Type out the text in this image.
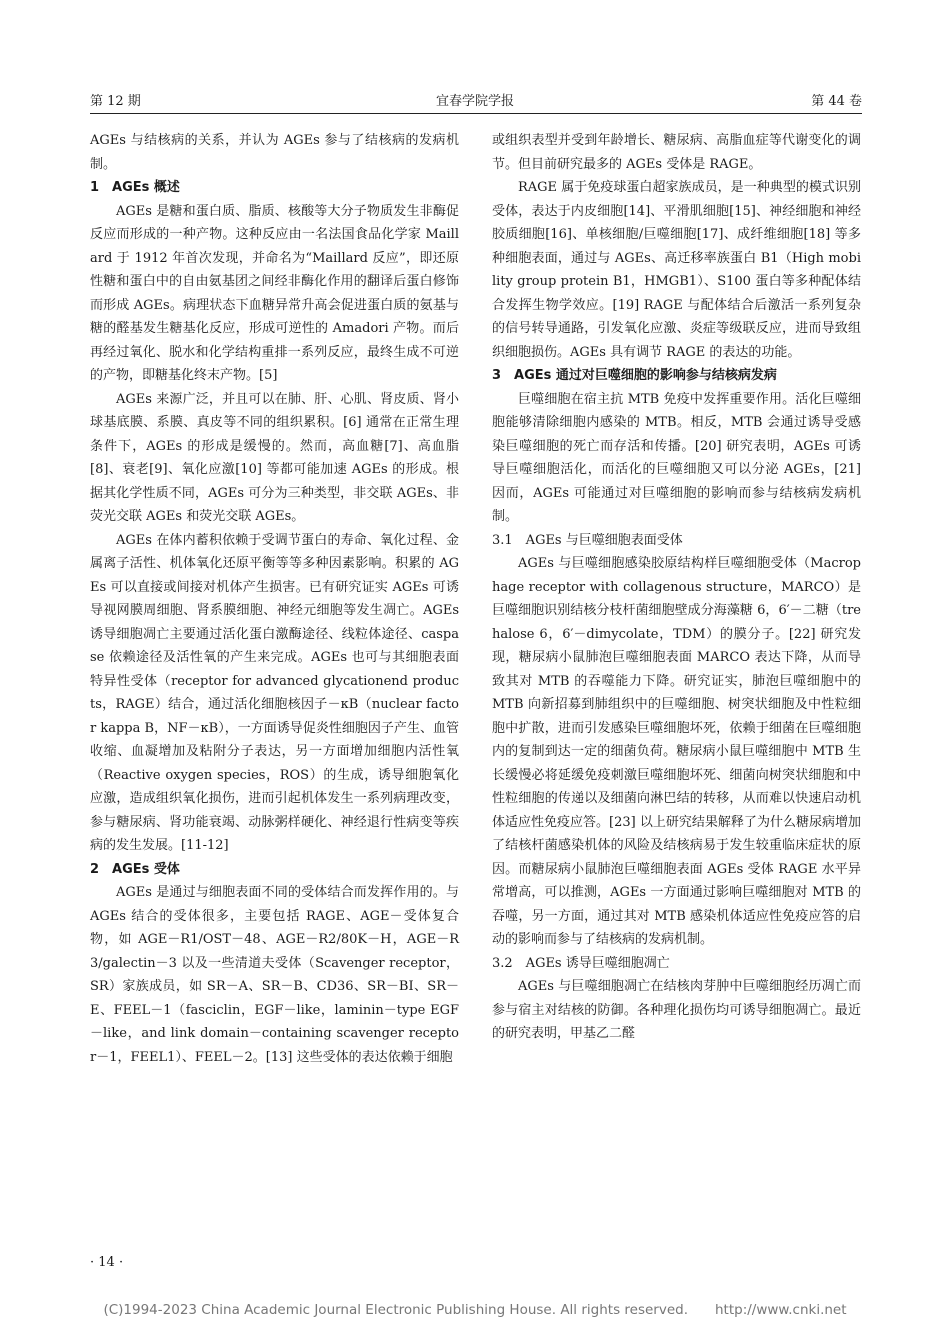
第 12 期	宜春学院学报	第 44 卷

AGEs 与结核病的关系，并认为 AGEs 参与了结核病的发病机制。

1　AGEs 概述

AGEs 是糖和蛋白质、脂质、核酸等大分子物质发生非酶促反应而形成的一种产物。这种反应由一名法国食品化学家 Maillard 于 1912 年首次发现，并命名为“Maillard 反应”，即还原性糖和蛋白中的自由氨基团之间经非酶化作用的翻译后蛋白修饰而形成 AGEs。病理状态下血糖异常升高会促进蛋白质的氨基与糖的醛基发生糖基化反应，形成可逆性的 Amadori 产物。而后再经过氧化、脱水和化学结构重排一系列反应，最终生成不可逆的产物，即糖基化终末产物。[5]

AGEs 来源广泛，并且可以在肺、肝、心肌、肾皮质、肾小球基底膜、系膜、真皮等不同的组织累积。[6] 通常在正常生理条件下，AGEs 的形成是缓慢的。然而，高血糖[7]、高血脂[8]、衰老[9]、氧化应激[10] 等都可能加速 AGEs 的形成。根据其化学性质不同，AGEs 可分为三种类型，非交联 AGEs、非荧光交联 AGEs 和荧光交联 AGEs。

AGEs 在体内蓄积依赖于受调节蛋白的寿命、氧化过程、金属离子活性、机体氧化还原平衡等等多种因素影响。积累的 AGEs 可以直接或间接对机体产生损害。已有研究证实 AGEs 可诱导视网膜周细胞、肾系膜细胞、神经元细胞等发生凋亡。AGEs 诱导细胞凋亡主要通过活化蛋白激酶途径、线粒体途径、caspase 依赖途径及活性氧的产生来完成。AGEs 也可与其细胞表面特异性受体（receptor for advanced glycationend products，RAGE）结合，通过活化细胞核因子－κB（nuclear factor kappa B，NF－κB），一方面诱导促炎性细胞因子产生、血管收缩、血凝增加及粘附分子表达，另一方面增加细胞内活性氧（Reactive oxygen species，ROS）的生成，诱导细胞氧化应激，造成组织氧化损伤，进而引起机体发生一系列病理改变，参与糖尿病、肾功能衰竭、动脉粥样硬化、神经退行性病变等疾病的发生发展。[11-12]

2　AGEs 受体

AGEs 是通过与细胞表面不同的受体结合而发挥作用的。与 AGEs 结合的受体很多，主要包括 RAGE、AGE－受体复合物，如 AGE－R1/OST－48、AGE－R2/80K－H，AGE－R3/galectin－3 以及一些清道夫受体（Scavenger receptor，SR）家族成员，如 SR－A、SR－B、CD36、SR－BI、SR－E、FEEL－1（fasciclin，EGF－like，laminin－type EGF－like，and link domain－containing scavenger receptor－1，FEEL1）、FEEL－2。[13] 这些受体的表达依赖于细胞

或组织表型并受到年龄增长、糖尿病、高脂血症等代谢变化的调节。但目前研究最多的 AGEs 受体是 RAGE。

RAGE 属于免疫球蛋白超家族成员，是一种典型的模式识别受体，表达于内皮细胞[14]、平滑肌细胞[15]、神经细胞和神经胶质细胞[16]、单核细胞/巨噬细胞[17]、成纤维细胞[18] 等多种细胞表面，通过与 AGEs、高迁移率族蛋白 B1（High mobility group protein B1，HMGB1）、S100 蛋白等多种配体结合发挥生物学效应。[19] RAGE 与配体结合后激活一系列复杂的信号转导通路，引发氧化应激、炎症等级联反应，进而导致组织细胞损伤。AGEs 具有调节 RAGE 的表达的功能。

3　AGEs 通过对巨噬细胞的影响参与结核病发病

巨噬细胞在宿主抗 MTB 免疫中发挥重要作用。活化巨噬细胞能够清除细胞内感染的 MTB。相反，MTB 会通过诱导受感染巨噬细胞的死亡而存活和传播。[20] 研究表明，AGEs 可诱导巨噬细胞活化，而活化的巨噬细胞又可以分泌 AGEs，[21] 因而，AGEs 可能通过对巨噬细胞的影响而参与结核病发病机制。

3.1　AGEs 与巨噬细胞表面受体

AGEs 与巨噬细胞感染胶原结构样巨噬细胞受体（Macrophage receptor with collagenous structure，MARCO）是巨噬细胞识别结核分枝杆菌细胞壁成分海藻糖 6，6′－二糖（trehalose 6，6′－dimycolate，TDM）的膜分子。[22] 研究发现，糖尿病小鼠肺泡巨噬细胞表面 MARCO 表达下降，从而导致其对 MTB 的吞噬能力下降。研究证实，肺泡巨噬细胞中的 MTB 向新招募到肺组织中的巨噬细胞、树突状细胞及中性粒细胞中扩散，进而引发感染巨噬细胞坏死，依赖于细菌在巨噬细胞内的复制到达一定的细菌负荷。糖尿病小鼠巨噬细胞中 MTB 生长缓慢必将延缓免疫刺激巨噬细胞坏死、细菌向树突状细胞和中性粒细胞的传递以及细菌向淋巴结的转移，从而难以快速启动机体适应性免疫应答。[23] 以上研究结果解释了为什么糖尿病增加了结核杆菌感染机体的风险及结核病易于发生较重临床症状的原因。而糖尿病小鼠肺泡巨噬细胞表面 AGEs 受体 RAGE 水平异常增高，可以推测，AGEs 一方面通过影响巨噬细胞对 MTB 的吞噬，另一方面，通过其对 MTB 感染机体适应性免疫应答的启动的影响而参与了结核病的发病机制。

3.2　AGEs 诱导巨噬细胞凋亡

AGEs 与巨噬细胞凋亡在结核肉芽肿中巨噬细胞经历凋亡而参与宿主对结核的防御。各种理化损伤均可诱导细胞凋亡。最近的研究表明，甲基乙二醛

· 14 ·
(C)1994-2023 China Academic Journal Electronic Publishing House. All rights reserved.　　http://www.cnki.net
